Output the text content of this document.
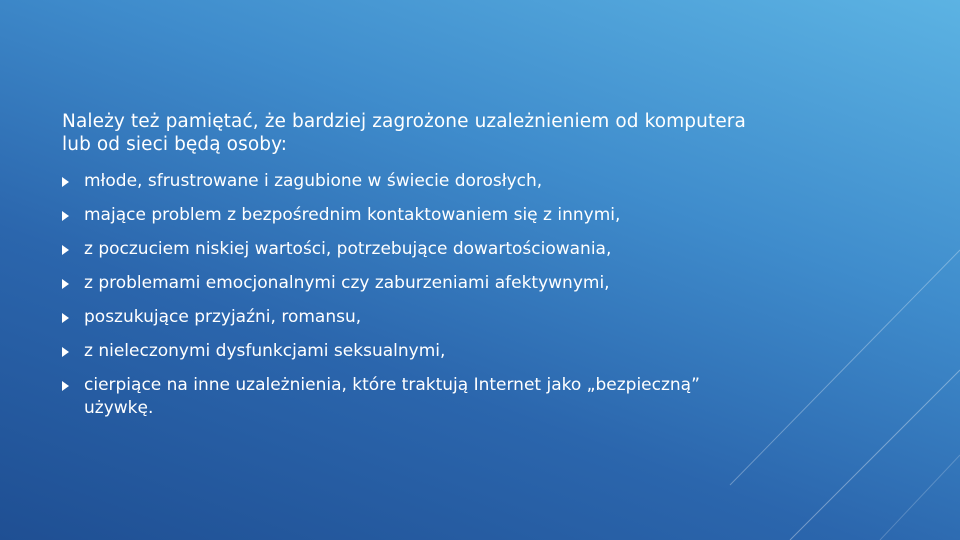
Należy też pamiętać, że bardziej zagrożone uzależnieniem od komputera lub od sieci będą osoby:

młode, sfrustrowane i zagubione w świecie dorosłych,
mające problem z bezpośrednim kontaktowaniem się z innymi,
z poczuciem niskiej wartości, potrzebujące dowartościowania,
z problemami emocjonalnymi czy zaburzeniami afektywnymi,
poszukujące przyjaźni, romansu,
z nieleczonymi dysfunkcjami seksualnymi,
cierpiące na inne uzależnienia, które traktują Internet jako „bezpieczną” używkę.
